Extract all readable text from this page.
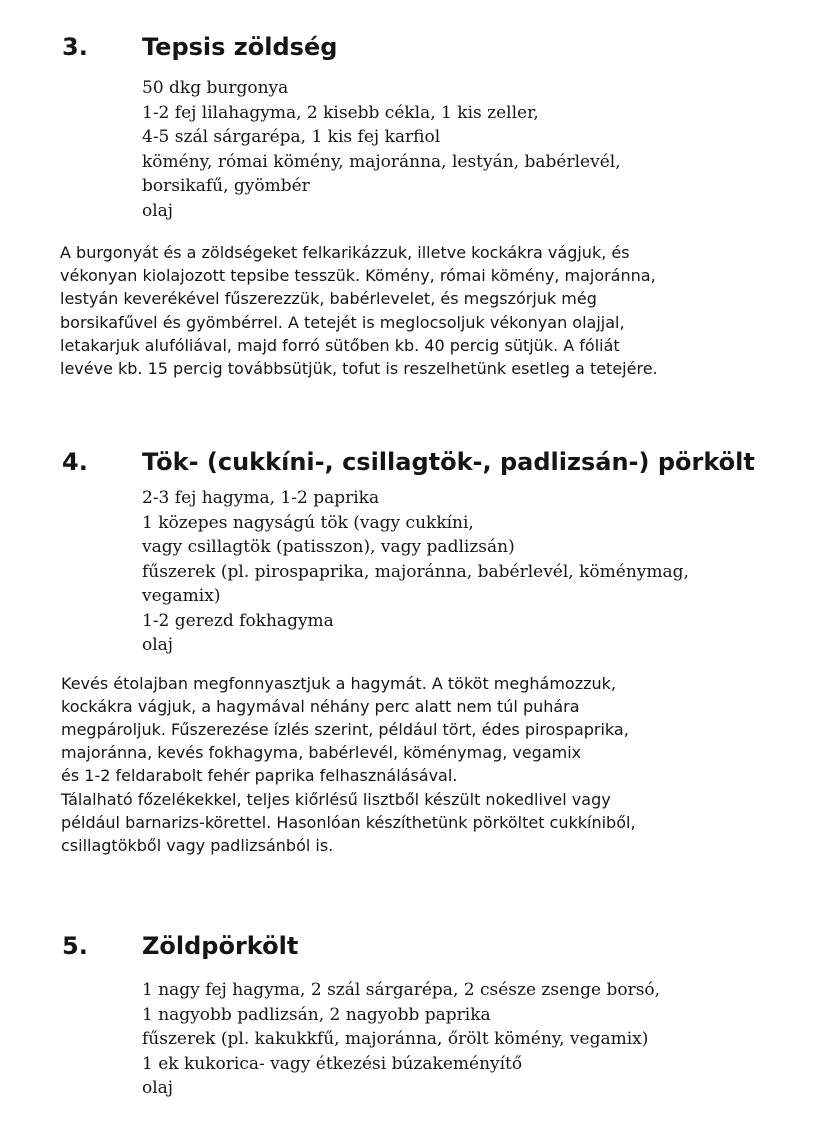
3. Tepsis zöldség
50 dkg burgonya
1-2 fej lilahagyma, 2 kisebb cékla, 1 kis zeller,
4-5 szál sárgarépa, 1 kis fej karfiol
kömény, római kömény, majoránna, lestyán, babérlevél,
borsikafű, gyömbér
olaj

A burgonyát és a zöldségeket felkarikázzuk, illetve kockákra vágjuk, és
vékonyan kiolajozott tepsibe tesszük. Kömény, római kömény, majoránna,
lestyán keverékével fűszerezzük, babérlevelet, és megszórjuk még
borsikafűvel és gyömbérrel. A tetejét is meglocsoljuk vékonyan olajjal,
letakarjuk alufóliával, majd forró sütőben kb. 40 percig sütjük. A fóliát
levéve kb. 15 percig továbbsütjük, tofut is reszelhetünk esetleg a tetejére.

4. Tök- (cukkíni-, csillagtök-, padlizsán-) pörkölt
2-3 fej hagyma, 1-2 paprika
1 közepes nagyságú tök (vagy cukkíni,
vagy csillagtök (patisszon), vagy padlizsán)
fűszerek (pl. pirospaprika, majoránna, babérlevél, köménymag,
vegamix)
1-2 gerezd fokhagyma
olaj

Kevés étolajban megfonnyasztjuk a hagymát. A tököt meghámozzuk,
kockákra vágjuk, a hagymával néhány perc alatt nem túl puhára
megpároljuk. Fűszerezése ízlés szerint, például tört, édes pirospaprika,
majoránna, kevés fokhagyma, babérlevél, köménymag, vegamix
és 1-2 feldarabolt fehér paprika felhasználásával.
Tálalható főzelékekkel, teljes kiőrlésű lisztből készült nokedlivel vagy
például barnarizs-körettel. Hasonlóan készíthetünk pörköltet cukkíniből,
csillagtökből vagy padlizsánból is.

5. Zöldpörkölt
1 nagy fej hagyma, 2 szál sárgarépa, 2 csésze zsenge borsó,
1 nagyobb padlizsán, 2 nagyobb paprika
fűszerek (pl. kakukkfű, majoránna, őrölt kömény, vegamix)
1 ek kukorica- vagy étkezési búzakeményítő
olaj
